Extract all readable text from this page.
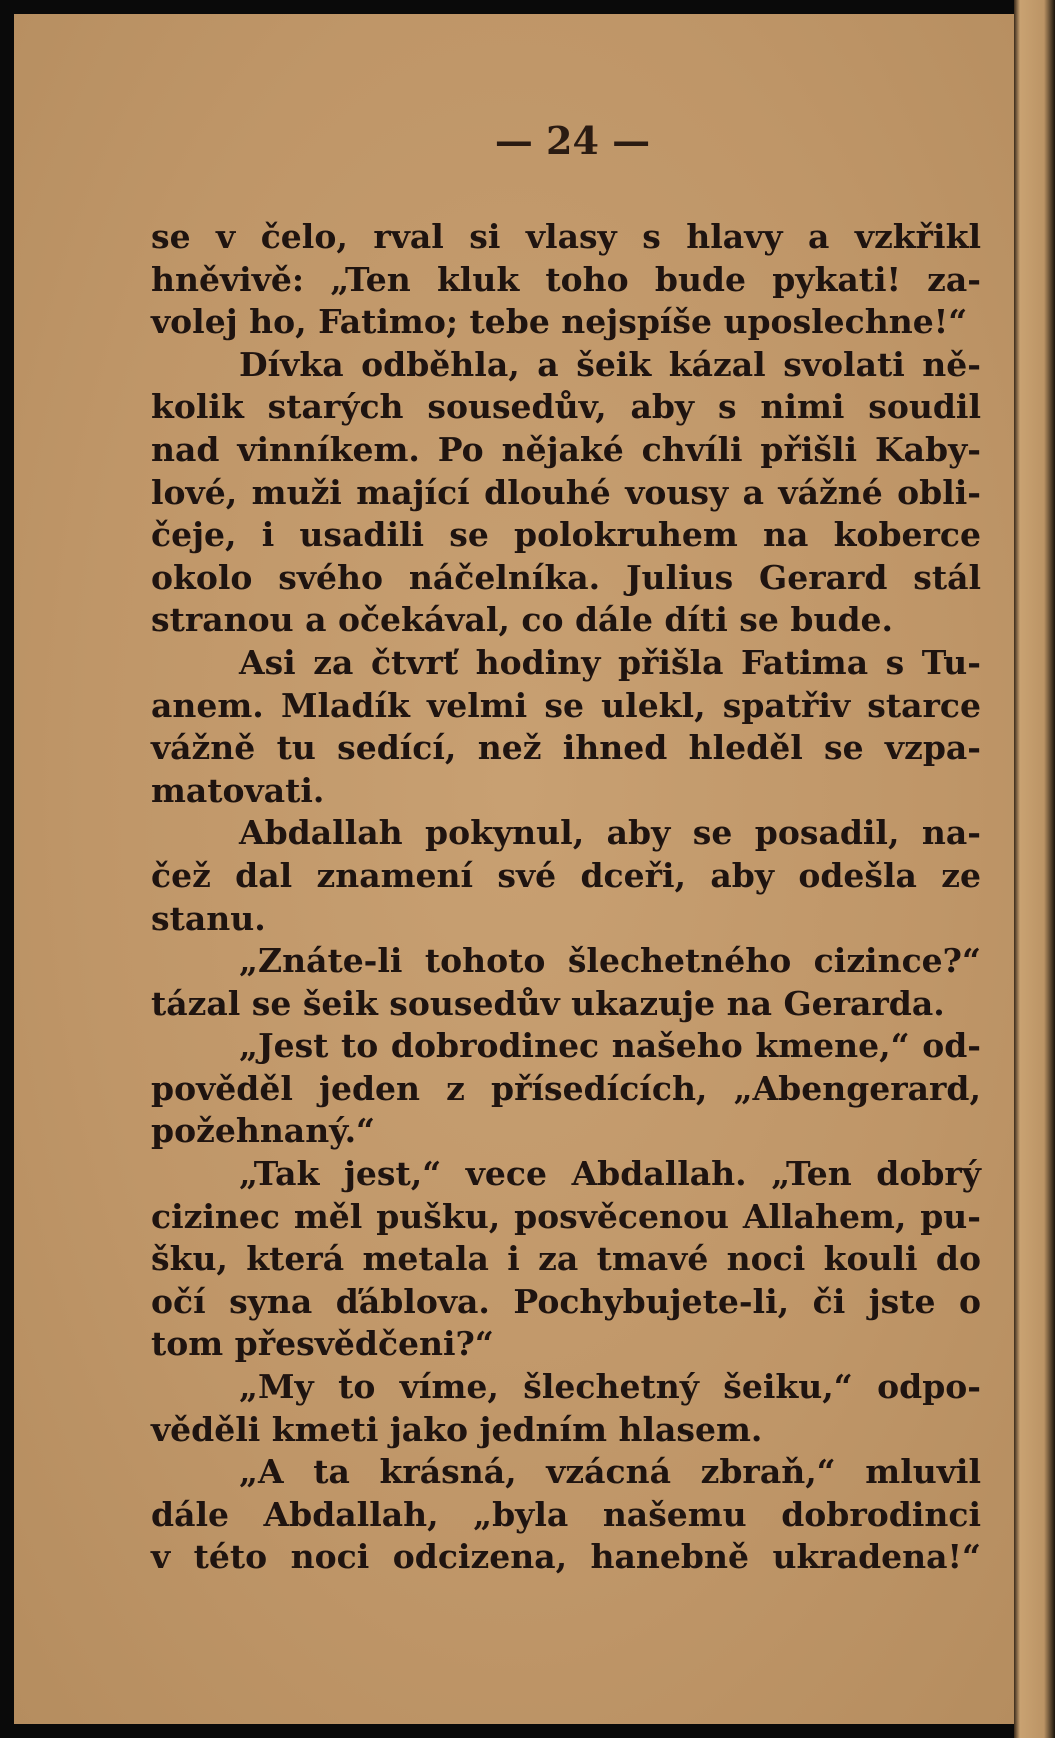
— 24 —
se v čelo, rval si vlasy s hlavy a vzkřikl
hněvivě: „Ten kluk toho bude pykati! za-
volej ho, Fatimo; tebe nejspíše uposlechne!“
Dívka odběhla, a šeik kázal svolati ně-
kolik starých sousedův, aby s nimi soudil
nad vinníkem. Po nějaké chvíli přišli Kaby-
lové, muži mající dlouhé vousy a vážné obli-
čeje, i usadili se polokruhem na koberce
okolo svého náčelníka. Julius Gerard stál
stranou a očekával, co dále díti se bude.
Asi za čtvrť hodiny přišla Fatima s Tu-
anem. Mladík velmi se ulekl, spatřiv starce
vážně tu sedící, než ihned hleděl se vzpa-
matovati.
Abdallah pokynul, aby se posadil, na-
čež dal znamení své dceři, aby odešla ze
stanu.
„Znáte-li tohoto šlechetného cizince?“
tázal se šeik sousedův ukazuje na Gerarda.
„Jest to dobrodinec našeho kmene,“ od-
pověděl jeden z přísedících, „Abengerard,
požehnaný.“
„Tak jest,“ vece Abdallah. „Ten dobrý
cizinec měl pušku, posvěcenou Allahem, pu-
šku, která metala i za tmavé noci kouli do
očí syna ďáblova. Pochybujete-li, či jste o
tom přesvědčeni?“
„My to víme, šlechetný šeiku,“ odpo-
věděli kmeti jako jedním hlasem.
„A ta krásná, vzácná zbraň,“ mluvil
dále Abdallah, „byla našemu dobrodinci
v této noci odcizena, hanebně ukradena!“
